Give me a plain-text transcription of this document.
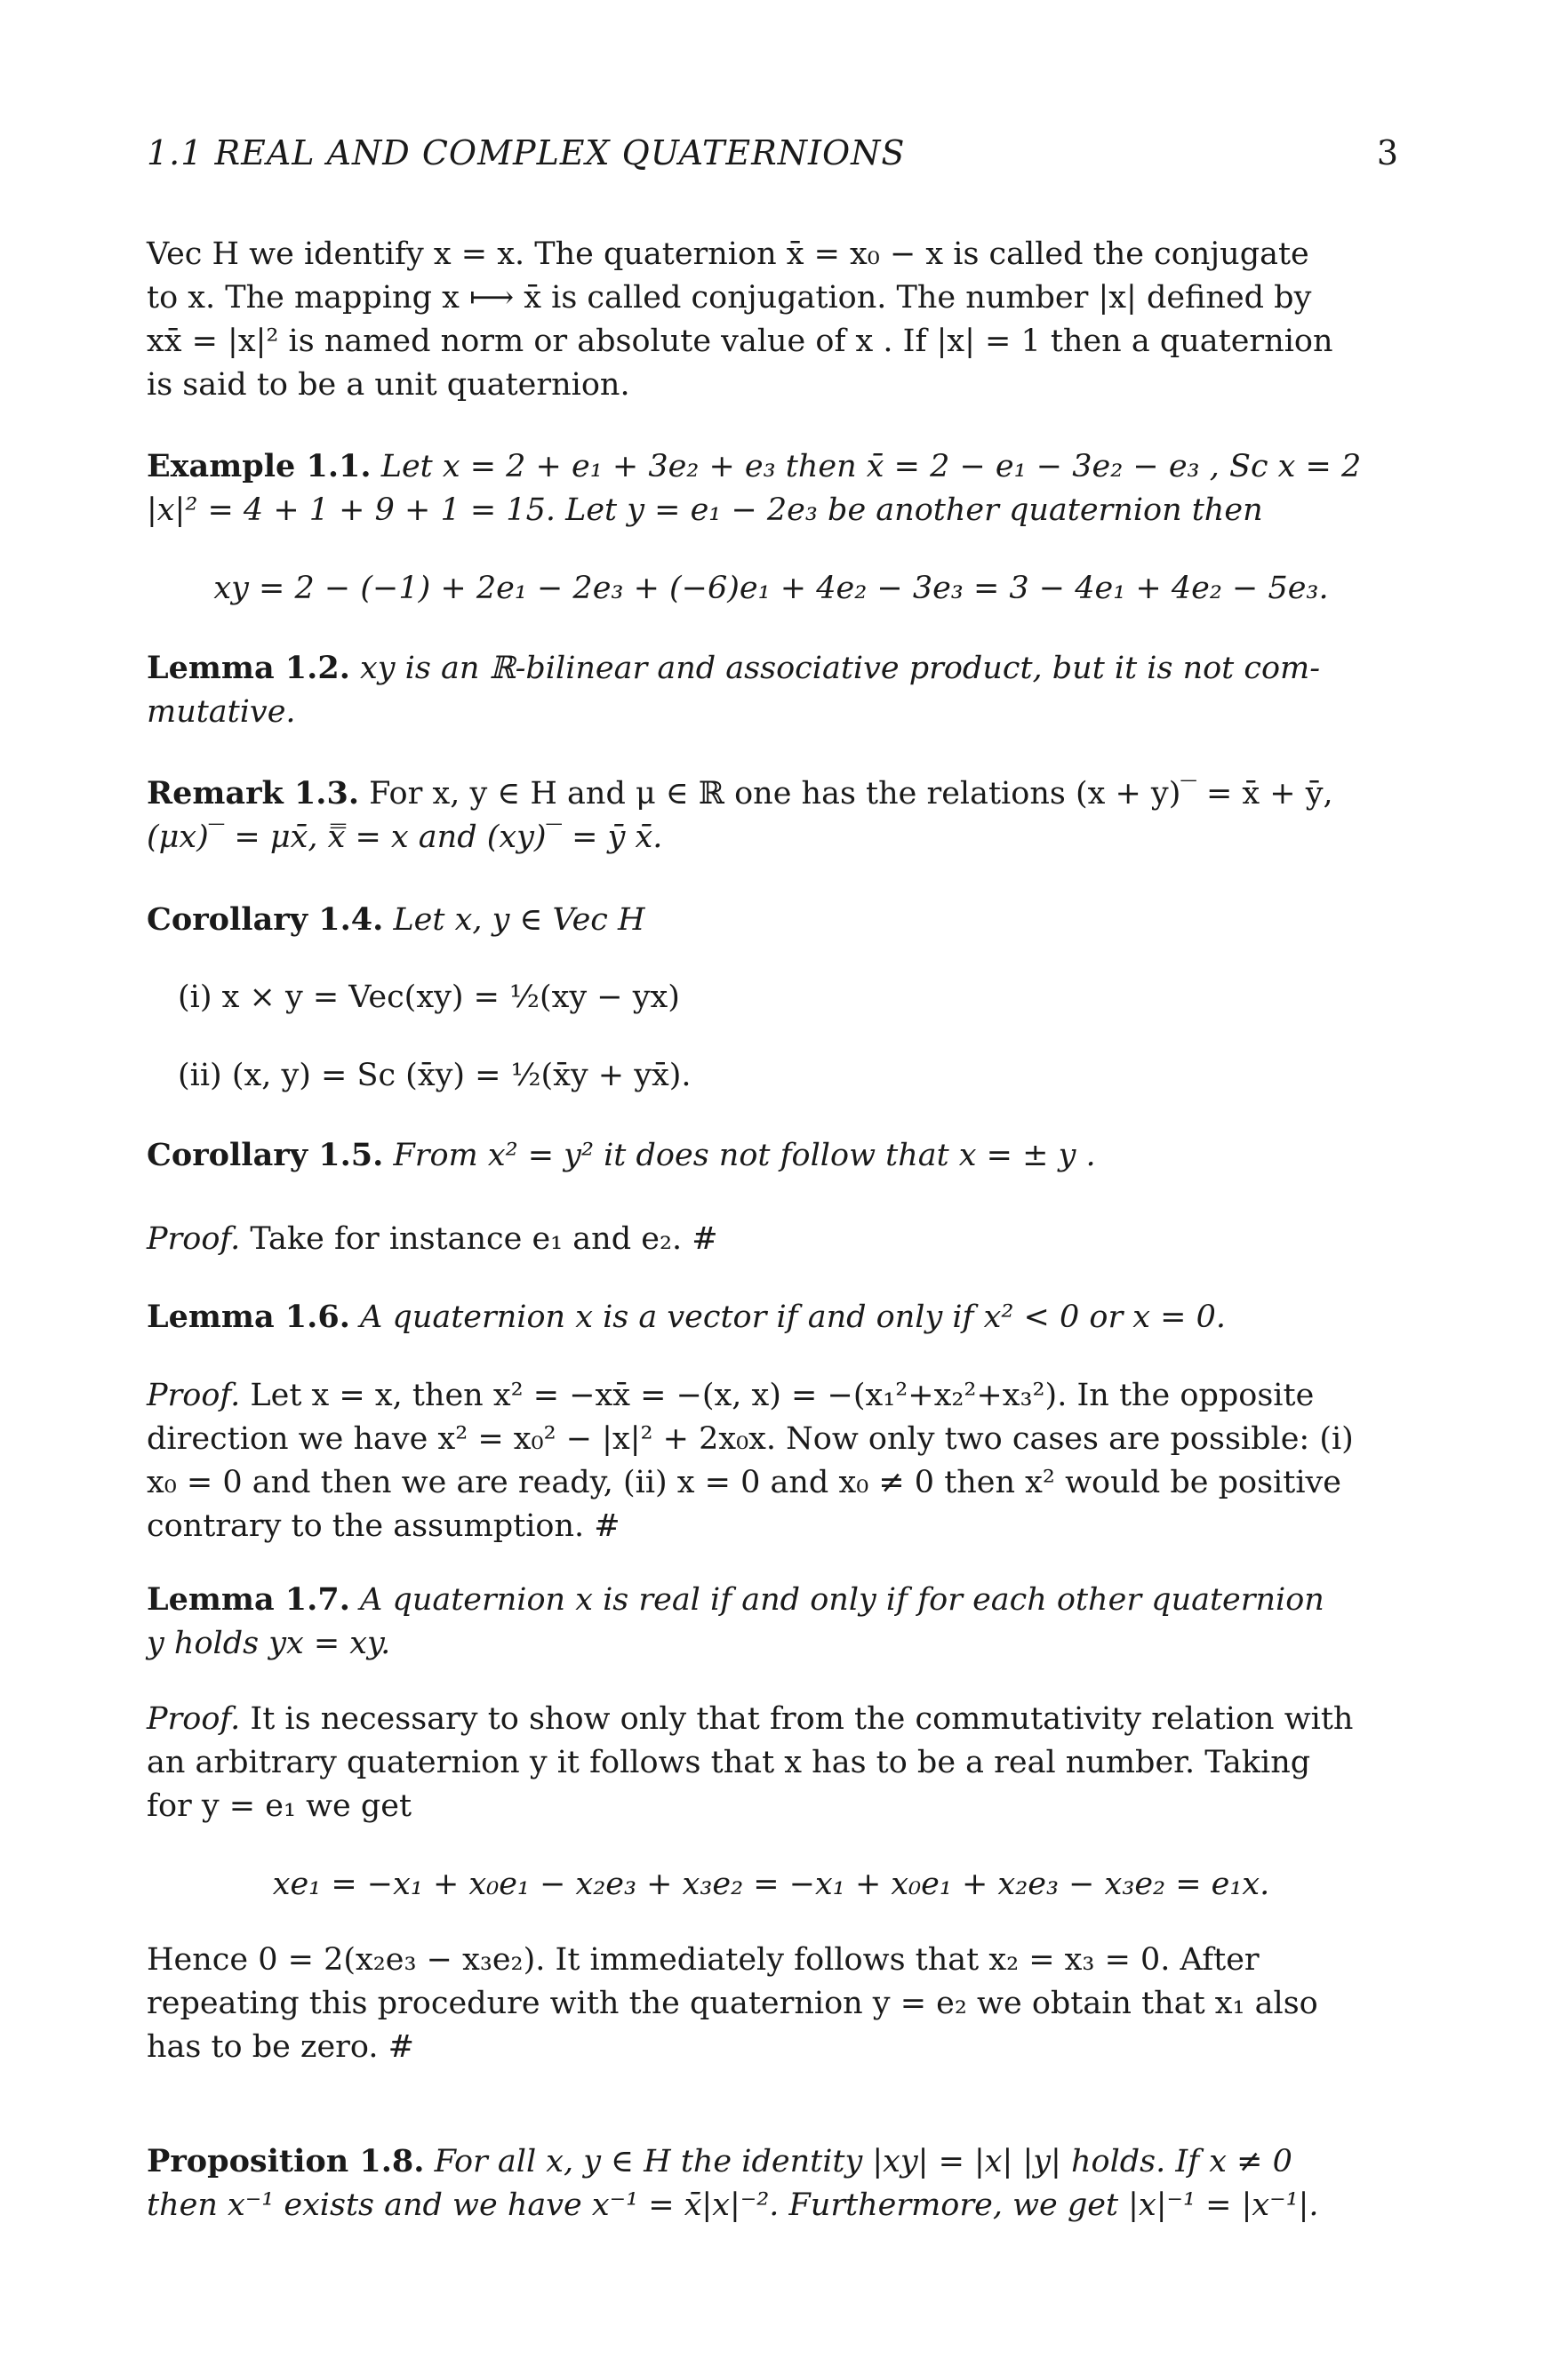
1.1 REAL AND COMPLEX QUATERNIONS	3
Vec H we identify x = x. The quaternion x̄ = x₀ − x is called the conjugate
to x. The mapping x ⟼ x̄ is called conjugation. The number |x| defined by
xx̄ = |x|² is named norm or absolute value of x . If |x| = 1 then a quaternion
is said to be a unit quaternion.
Example 1.1. Let x = 2 + e₁ + 3e₂ + e₃ then x̄ = 2 − e₁ − 3e₂ − e₃ , Sc x = 2
|x|² = 4 + 1 + 9 + 1 = 15. Let y = e₁ − 2e₃ be another quaternion then
xy = 2 − (−1) + 2e₁ − 2e₃ + (−6)e₁ + 4e₂ − 3e₃ = 3 − 4e₁ + 4e₂ − 5e₃.
Lemma 1.2. xy is an ℝ-bilinear and associative product, but it is not com-
mutative.
Remark 1.3. For x, y ∈ H and μ ∈ ℝ one has the relations (x + y)‾ = x̄ + ȳ,
(μx)‾ = μx̄, x̿ = x and (xy)‾ = ȳ x̄.
Corollary 1.4. Let x, y ∈ Vec H
(i) x × y = Vec(xy) = ½(xy − yx)
(ii) (x, y) = Sc (x̄y) = ½(x̄y + yx̄).
Corollary 1.5. From x² = y² it does not follow that x = ± y .
Proof. Take for instance e₁ and e₂. #
Lemma 1.6. A quaternion x is a vector if and only if x² < 0 or x = 0.
Proof. Let x = x, then x² = −xx̄ = −(x, x) = −(x₁²+x₂²+x₃²). In the opposite
direction we have x² = x₀² − |x|² + 2x₀x. Now only two cases are possible: (i)
x₀ = 0 and then we are ready, (ii) x = 0 and x₀ ≠ 0 then x² would be positive
contrary to the assumption. #
Lemma 1.7. A quaternion x is real if and only if for each other quaternion
y holds yx = xy.
Proof. It is necessary to show only that from the commutativity relation with
an arbitrary quaternion y it follows that x has to be a real number. Taking
for y = e₁ we get
xe₁ = −x₁ + x₀e₁ − x₂e₃ + x₃e₂ = −x₁ + x₀e₁ + x₂e₃ − x₃e₂ = e₁x.
Hence 0 = 2(x₂e₃ − x₃e₂). It immediately follows that x₂ = x₃ = 0. After
repeating this procedure with the quaternion y = e₂ we obtain that x₁ also
has to be zero. #
Proposition 1.8. For all x, y ∈ H the identity |xy| = |x| |y| holds. If x ≠ 0
then x⁻¹ exists and we have x⁻¹ = x̄|x|⁻². Furthermore, we get |x|⁻¹ = |x⁻¹|.
